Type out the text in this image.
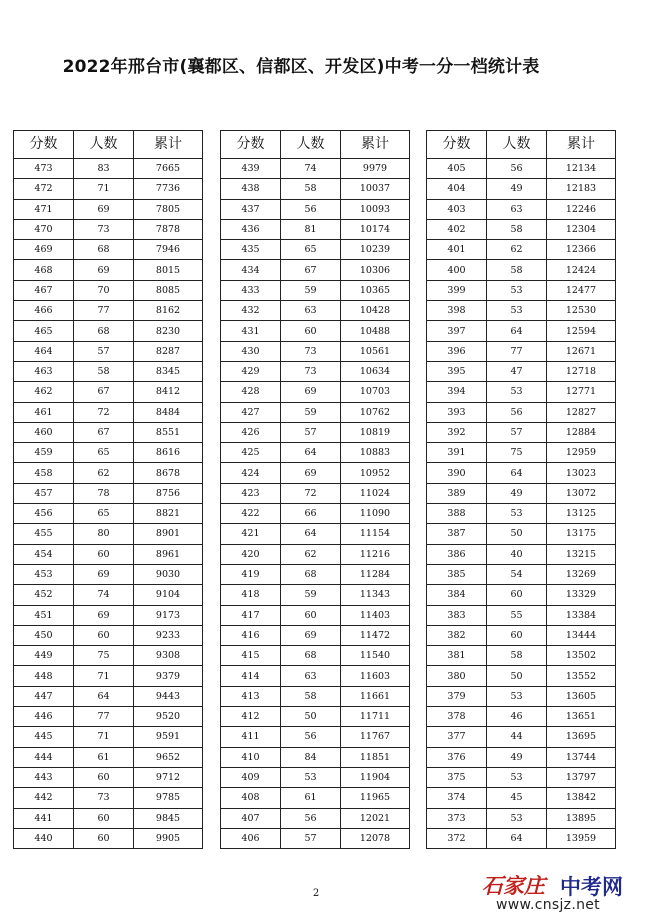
2022年邢台市(襄都区、信都区、开发区)中考一分一档统计表
分数	人数	累计
473	83	7665
472	71	7736
471	69	7805
470	73	7878
469	68	7946
468	69	8015
467	70	8085
466	77	8162
465	68	8230
464	57	8287
463	58	8345
462	67	8412
461	72	8484
460	67	8551
459	65	8616
458	62	8678
457	78	8756
456	65	8821
455	80	8901
454	60	8961
453	69	9030
452	74	9104
451	69	9173
450	60	9233
449	75	9308
448	71	9379
447	64	9443
446	77	9520
445	71	9591
444	61	9652
443	60	9712
442	73	9785
441	60	9845
440	60	9905
分数	人数	累计
439	74	9979
438	58	10037
437	56	10093
436	81	10174
435	65	10239
434	67	10306
433	59	10365
432	63	10428
431	60	10488
430	73	10561
429	73	10634
428	69	10703
427	59	10762
426	57	10819
425	64	10883
424	69	10952
423	72	11024
422	66	11090
421	64	11154
420	62	11216
419	68	11284
418	59	11343
417	60	11403
416	69	11472
415	68	11540
414	63	11603
413	58	11661
412	50	11711
411	56	11767
410	84	11851
409	53	11904
408	61	11965
407	56	12021
406	57	12078
分数	人数	累计
405	56	12134
404	49	12183
403	63	12246
402	58	12304
401	62	12366
400	58	12424
399	53	12477
398	53	12530
397	64	12594
396	77	12671
395	47	12718
394	53	12771
393	56	12827
392	57	12884
391	75	12959
390	64	13023
389	49	13072
388	53	13125
387	50	13175
386	40	13215
385	54	13269
384	60	13329
383	55	13384
382	60	13444
381	58	13502
380	50	13552
379	53	13605
378	46	13651
377	44	13695
376	49	13744
375	53	13797
374	45	13842
373	53	13895
372	64	13959
2	石家庄 中考网
www.cnsjz.net
